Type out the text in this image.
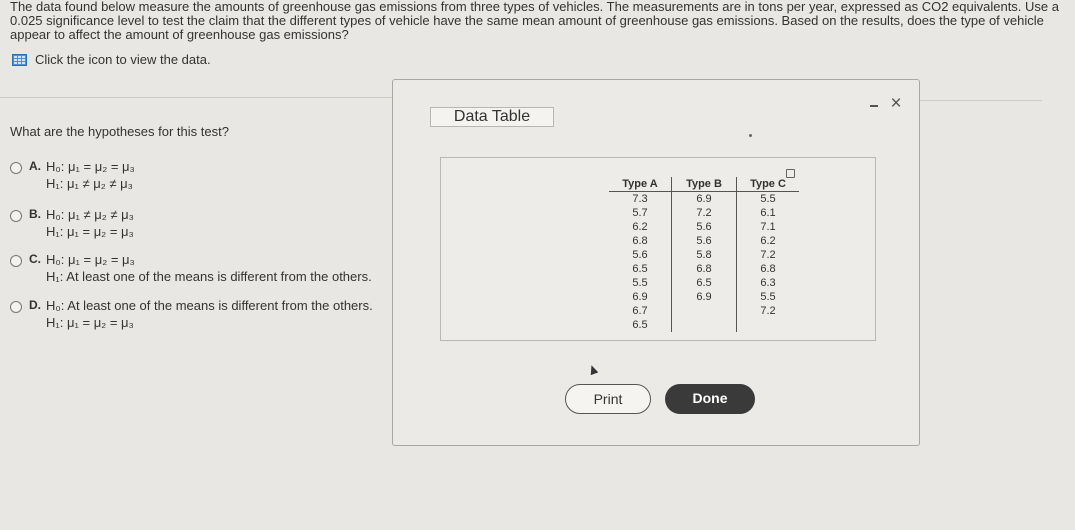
The data found below measure the amounts of greenhouse gas emissions from three types of vehicles. The measurements are in tons per year, expressed as CO2 equivalents. Use a 0.025 significance level to test the claim that the different types of vehicle have the same mean amount of greenhouse gas emissions. Based on the results, does the type of vehicle appear to affect the amount of greenhouse gas emissions?
Click the icon to view the data.
What are the hypotheses for this test?
A. H₀: μ₁ = μ₂ = μ₃
H₁: μ₁ ≠ μ₂ ≠ μ₃
B. H₀: μ₁ ≠ μ₂ ≠ μ₃
H₁: μ₁ = μ₂ = μ₃
C. H₀: μ₁ = μ₂ = μ₃
H₁: At least one of the means is different from the others.
D. H₀: At least one of the means is different from the others.
H₁: μ₁ = μ₂ = μ₃
Data Table
×
Type A	Type B	Type C
7.3	6.9	5.5
5.7	7.2	6.1
6.2	5.6	7.1
6.8	5.6	6.2
5.6	5.8	7.2
6.5	6.8	6.8
5.5	6.5	6.3
6.9	6.9	5.5
6.7		7.2
6.5		
Print	Done
